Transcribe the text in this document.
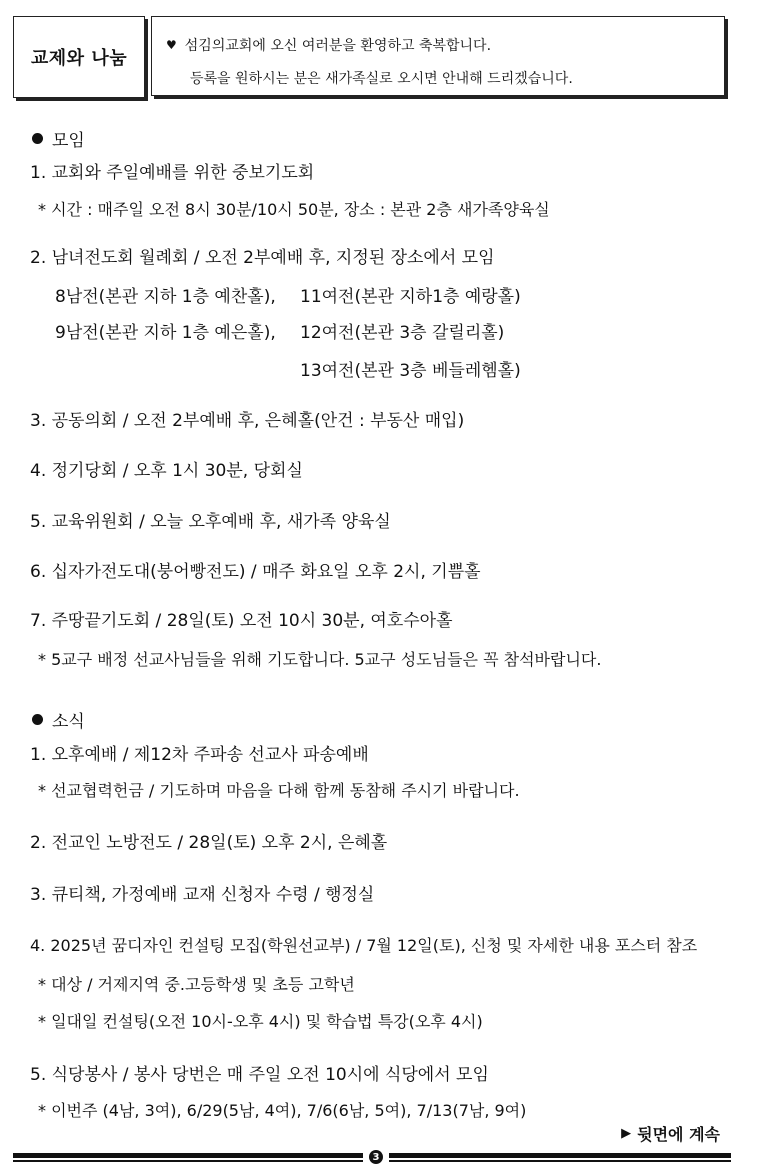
교제와 나눔
♥ 섬김의교회에 오신 여러분을 환영하고 축복합니다.
등록을 원하시는 분은 새가족실로 오시면 안내해 드리겠습니다.
모임
1. 교회와 주일예배를 위한 중보기도회
* 시간 : 매주일 오전 8시 30분/10시 50분, 장소 : 본관 2층 새가족양육실
2. 남녀전도회 월례회 / 오전 2부예배 후, 지정된 장소에서 모임
8남전(본관 지하 1층 예찬홀), 11여전(본관 지하1층 예랑홀)
9남전(본관 지하 1층 예은홀), 12여전(본관 3층 갈릴리홀)
13여전(본관 3층 베들레헴홀)
3. 공동의회 / 오전 2부예배 후, 은혜홀(안건 : 부동산 매입)
4. 정기당회 / 오후 1시 30분, 당회실
5. 교육위원회 / 오늘 오후예배 후, 새가족 양육실
6. 십자가전도대(붕어빵전도) / 매주 화요일 오후 2시, 기쁨홀
7. 주땅끝기도회 / 28일(토) 오전 10시 30분, 여호수아홀
* 5교구 배정 선교사님들을 위해 기도합니다. 5교구 성도님들은 꼭 참석바랍니다.
소식
1. 오후예배 / 제12차 주파송 선교사 파송예배
* 선교협력헌금 / 기도하며 마음을 다해 함께 동참해 주시기 바랍니다.
2. 전교인 노방전도 / 28일(토) 오후 2시, 은혜홀
3. 큐티책, 가정예배 교재 신청자 수령 / 행정실
4. 2025년 꿈디자인 컨설팅 모집(학원선교부) / 7월 12일(토), 신청 및 자세한 내용 포스터 참조
* 대상 / 거제지역 중.고등학생 및 초등 고학년
* 일대일 컨설팅(오전 10시-오후 4시) 및 학습법 특강(오후 4시)
5. 식당봉사 / 봉사 당번은 매 주일 오전 10시에 식당에서 모임
* 이번주 (4남, 3여), 6/29(5남, 4여), 7/6(6남, 5여), 7/13(7남, 9여)
▶ 뒷면에 계속
3
